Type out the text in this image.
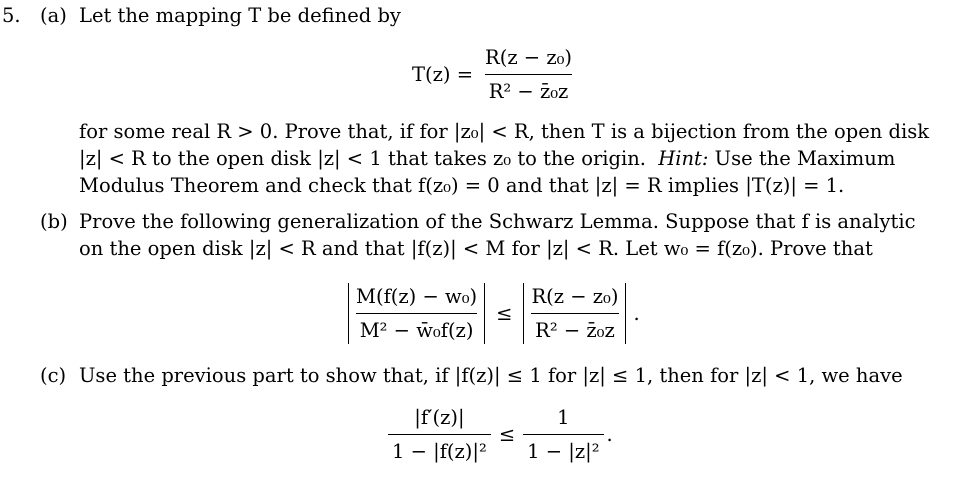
5. (a) Let the mapping T be defined by
$T(z) = \frac{\text{R(z − z₀)}}{\text{R² − z̄₀z}}$
for some real R > 0. Prove that, if for |z₀| < R, then T is a bijection from the open disk
|z| < R to the open disk |z| < 1 that takes z₀ to the origin. Hint: Use the Maximum
Modulus Theorem and check that f(z₀) = 0 and that |z| = R implies |T(z)| = 1.
(b) Prove the following generalization of the Schwarz Lemma. Suppose that f is analytic
on the open disk |z| < R and that |f(z)| < M for |z| < R. Let w₀ = f(z₀). Prove that
$\frac{\text{M(f(z) − w₀)}}{\text{M² − w̄₀f(z)}} \le \frac{\text{R(z − z₀)}}{\text{R² − z̄₀z}}$ .
(c) Use the previous part to show that, if |f(z)| ≤ 1 for |z| ≤ 1, then for |z| < 1, we have
$\frac{|f'(z)|}{\text{1 − |f(z)|²}} \le \frac{1}{\text{1 − |z|²}}$ .
